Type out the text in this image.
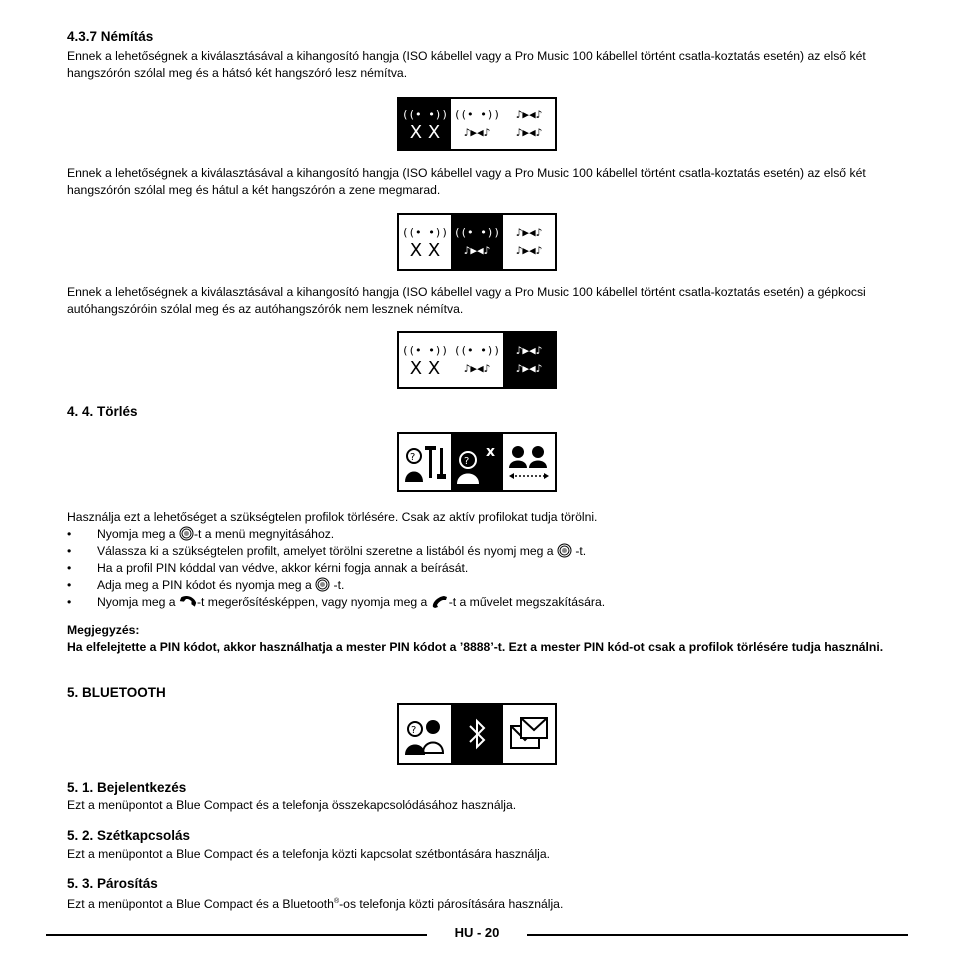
4.3.7 Némítás

Ennek a lehetőségnek a kiválasztásával a kihangosító hangja (ISO kábellel vagy a Pro Music 100 kábellel történt csatla-koztatás esetén) az első két hangszórón szólal meg és a hátsó két hangszóró lesz némítva.

((• •))
X X
((• •))
♪▶◀♪
♪▶◀♪
♪▶◀♪

Ennek a lehetőségnek a kiválasztásával a kihangosító hangja (ISO kábellel vagy a Pro Music 100 kábellel történt csatla-koztatás esetén) az első két hangszórón szólal meg és hátul a két hangszórón a zene megmarad.

((• •))
X X
((• •))
♪▶◀♪
♪▶◀♪
♪▶◀♪

Ennek a lehetőségnek a kiválasztásával a kihangosító hangja (ISO kábellel vagy a Pro Music 100 kábellel történt csatla-koztatás esetén) a gépkocsi autóhangszóróin szólal meg és az autóhangszórók nem lesznek némítva.

((• •))
X X
((• •))
♪▶◀♪
♪▶◀♪
♪▶◀♪
4. 4. Törlés
?	?
x

Használja ezt a lehetőséget a szükségtelen profilok törlésére. Csak az aktív profilokat tudja törölni.

• Nyomja meg a -t a menü megnyitásához.
• Válassza ki a szükségtelen profilt, amelyet törölni szeretne a listából és nyomj meg a  -t.
• Ha a profil PIN kóddal van védve, akkor kérni fogja annak a beírását.
• Adja meg a PIN kódot és nyomja meg a  -t.
• Nyomja meg a -t megerősítésképpen, vagy nyomja meg a -t a művelet megszakítására.

Megjegyzés:

Ha elfelejtette a PIN kódot, akkor használhatja a mester PIN kódot a ’8888’-t. Ezt a mester PIN kód-ot csak a profilok törlésére tudja használni.

5. BLUETOOTH
?
5. 1. Bejelentkezés

Ezt a menüpontot a Blue Compact és a telefonja összekapcsolódásához használja.

5. 2. Szétkapcsolás

Ezt a menüpontot a Blue Compact és a telefonja közti kapcsolat szétbontására használja.

5. 3. Párosítás

Ezt a menüpontot a Blue Compact és a Bluetooth®-os telefonja közti párosítására használja.

HU - 20
